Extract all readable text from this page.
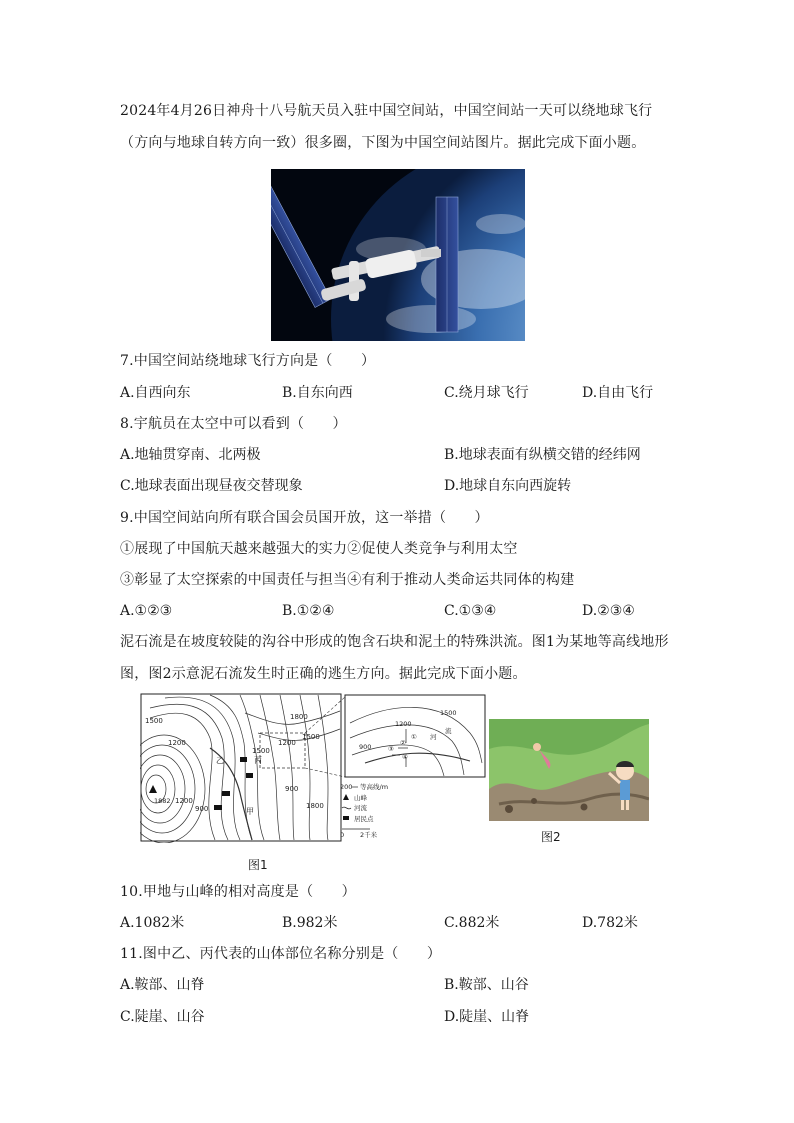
2024年4月26日神舟十八号航天员入驻中国空间站，中国空间站一天可以绕地球飞行
（方向与地球自转方向一致）很多圈，下图为中国空间站图片。据此完成下面小题。
7.中国空间站绕地球飞行方向是（　　）
A.自西向东	B.自东向西	C.绕月球飞行	D.自由飞行
8.宇航员在太空中可以看到（　　）
A.地轴贯穿南、北两极	B.地球表面有纵横交错的经纬网
C.地球表面出现昼夜交替现象	D.地球自东向西旋转
9.中国空间站向所有联合国会员国开放，这一举措（　　）
①展现了中国航天越来越强大的实力②促使人类竞争与利用太空
③彰显了太空探索的中国责任与担当④有利于推动人类命运共同体的构建
A.①②③	B.①②④	C.①③④	D.②③④
泥石流是在坡度较陡的沟谷中形成的饱含石块和泥土的特殊洪流。图1为某地等高线地形
图，图2示意泥石流发生时正确的逃生方向。据此完成下面小题。
1500
1200
900
1800
1500
1200
900
1200
1500
1800
1882
甲
乙	丙
200 等高线/m
山峰
河流
居民点
0 2千米
1500
1200
900
河
流
①
②
③
④
图2
图1
10.甲地与山峰的相对高度是（　　）
A.1082米	B.982米	C.882米	D.782米
11.图中乙、丙代表的山体部位名称分别是（　　）
A.鞍部、山脊	B.鞍部、山谷
C.陡崖、山谷	D.陡崖、山脊
